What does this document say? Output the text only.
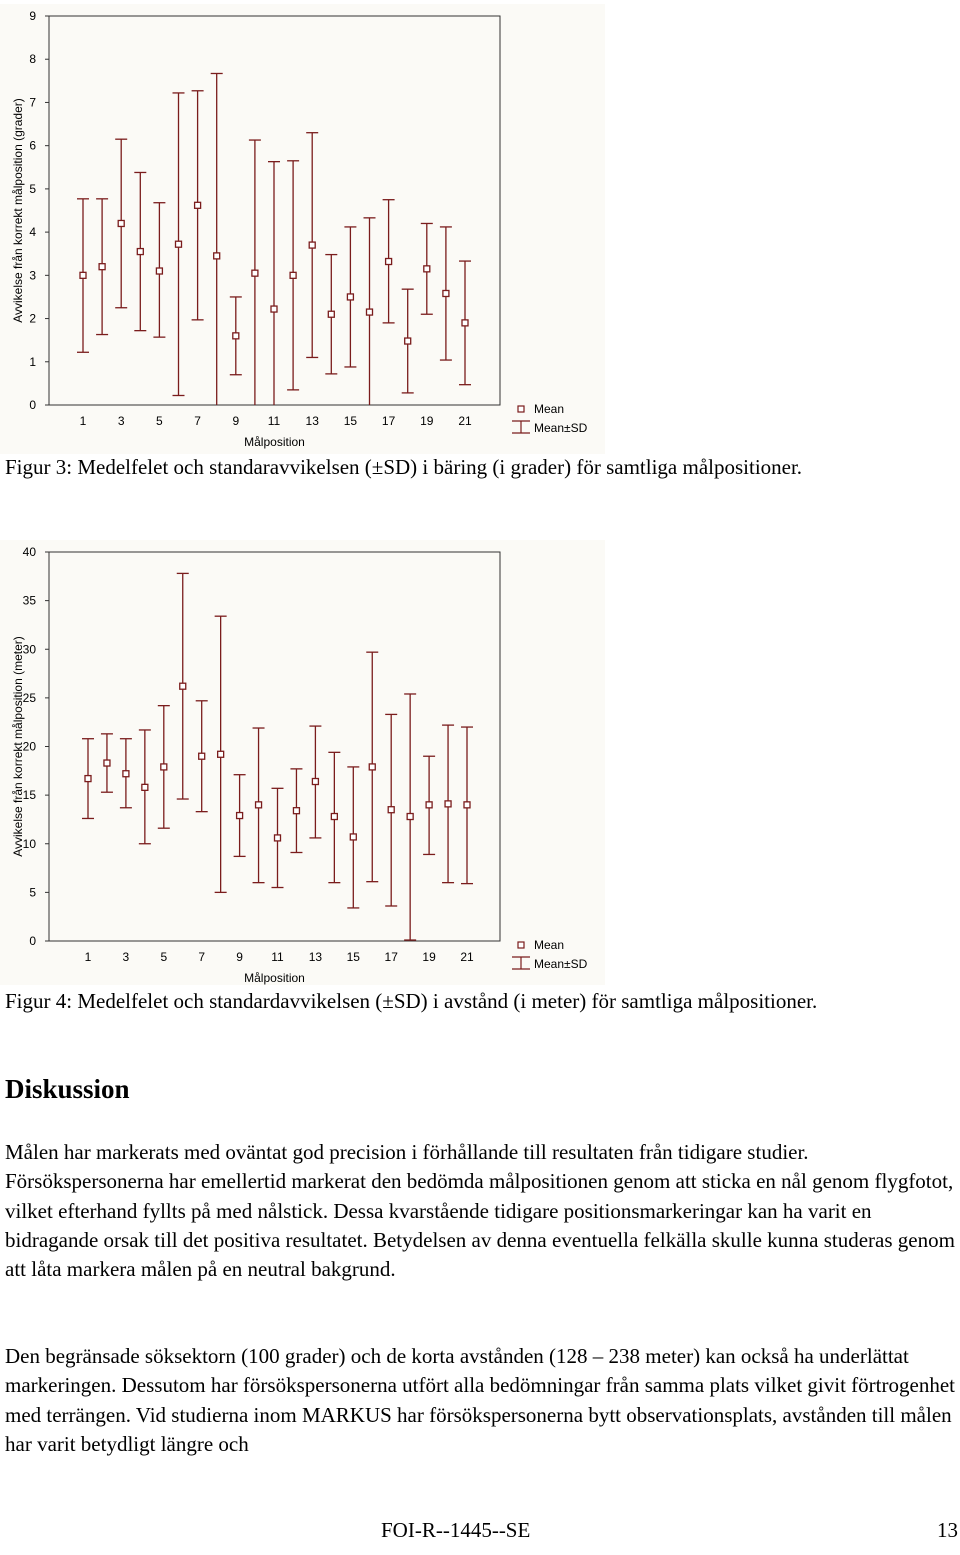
0
1
2
3
4
5
6
7
8
9
1	3	5	7	9 11 13 15 17 19 21
Målposition
Avvikelse från korrekt målposition (grader)
Mean
Mean±SD
Figur 3: Medelfelet och standaravvikelsen (±SD) i bäring (i grader) för samtliga målpositioner.
0
5
10
15
20
25
30
35
40
1	3	5	7	9 11 13 15 17 19 21
Målposition
Avvikelse från korrekt målposition (meter)
Mean
Mean±SD
Figur 4: Medelfelet och standardavvikelsen (±SD) i avstånd (i meter) för samtliga målpositioner.
Diskussion
Målen har markerats med oväntat god precision i förhållande till resultaten från tidigare studier. Försökspersonerna har emellertid markerat den bedömda målpositionen genom att sticka en nål genom flygfotot, vilket efterhand fyllts på med nålstick. Dessa kvarstående tidigare positionsmarkeringar kan ha varit en bidragande orsak till det positiva resultatet. Betydelsen av denna eventuella felkälla skulle kunna studeras genom att låta markera målen på en neutral bakgrund.
Den begränsade söksektorn (100 grader) och de korta avstånden (128 – 238 meter) kan också ha underlättat markeringen. Dessutom har försökspersonerna utfört alla bedömningar från samma plats vilket givit förtrogenhet med terrängen. Vid studierna inom MARKUS har försökspersonerna bytt observationsplats, avstånden till målen har varit betydligt längre och
FOI-R--1445--SE	13
